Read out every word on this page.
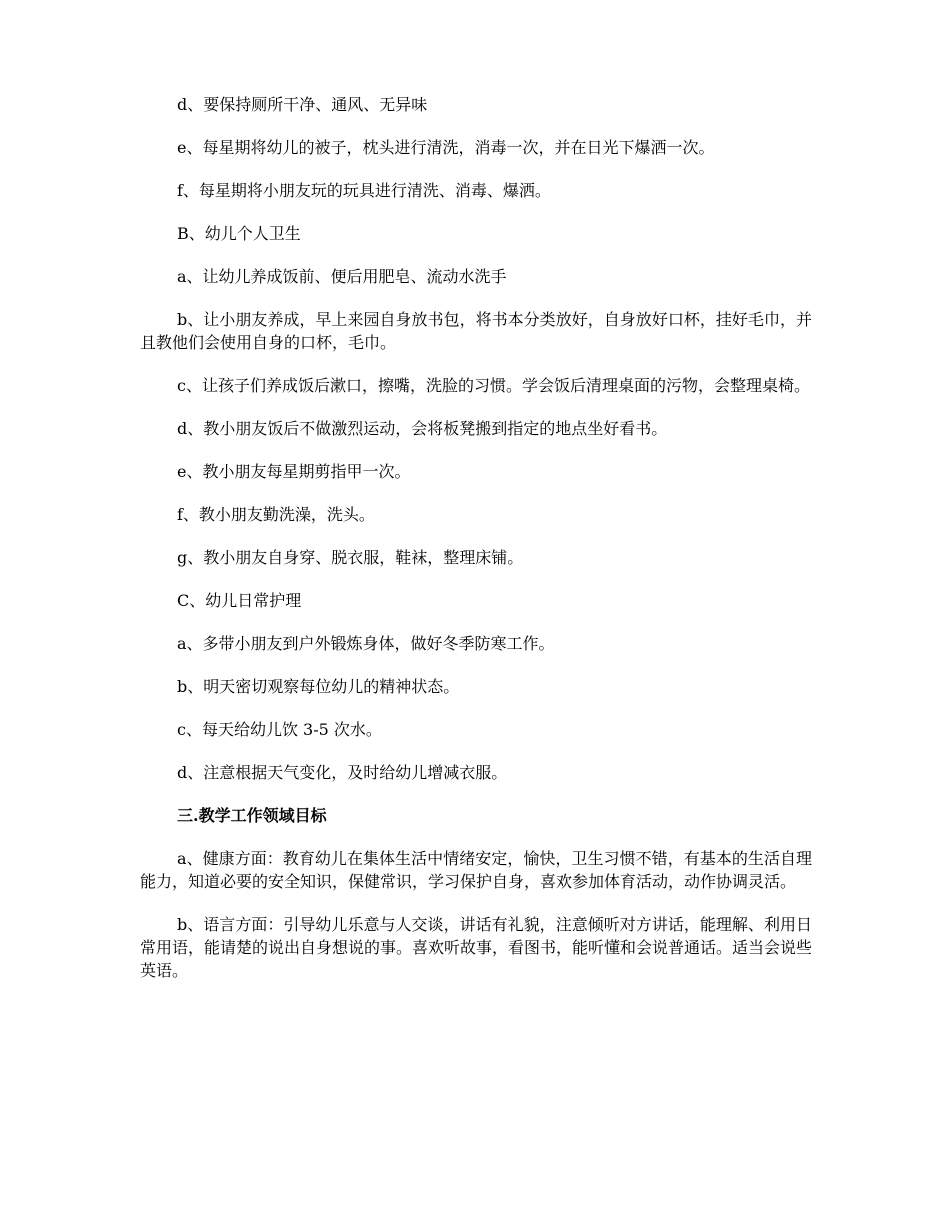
d、要保持厕所干净、通风、无异味

e、每星期将幼儿的被子，枕头进行清洗，消毒一次，并在日光下爆洒一次。

f、每星期将小朋友玩的玩具进行清洗、消毒、爆洒。

B、幼儿个人卫生

a、让幼儿养成饭前、便后用肥皂、流动水洗手

b、让小朋友养成，早上来园自身放书包，将书本分类放好，自身放好口杯，挂好毛巾，并且教他们会使用自身的口杯，毛巾。

c、让孩子们养成饭后漱口，擦嘴，洗脸的习惯。学会饭后清理桌面的污物，会整理桌椅。

d、教小朋友饭后不做激烈运动，会将板凳搬到指定的地点坐好看书。

e、教小朋友每星期剪指甲一次。

f、教小朋友勤洗澡，洗头。

g、教小朋友自身穿、脱衣服，鞋袜，整理床铺。

C、幼儿日常护理

a、多带小朋友到户外锻炼身体，做好冬季防寒工作。

b、明天密切观察每位幼儿的精神状态。

c、每天给幼儿饮 3-5 次水。

d、注意根据天气变化，及时给幼儿增减衣服。

三.教学工作领域目标

a、健康方面：教育幼儿在集体生活中情绪安定，愉快，卫生习惯不错，有基本的生活自理能力，知道必要的安全知识，保健常识，学习保护自身，喜欢参加体育活动，动作协调灵活。

b、语言方面：引导幼儿乐意与人交谈，讲话有礼貌，注意倾听对方讲话，能理解、利用日常用语，能请楚的说出自身想说的事。喜欢听故事，看图书，能听懂和会说普通话。适当会说些英语。
